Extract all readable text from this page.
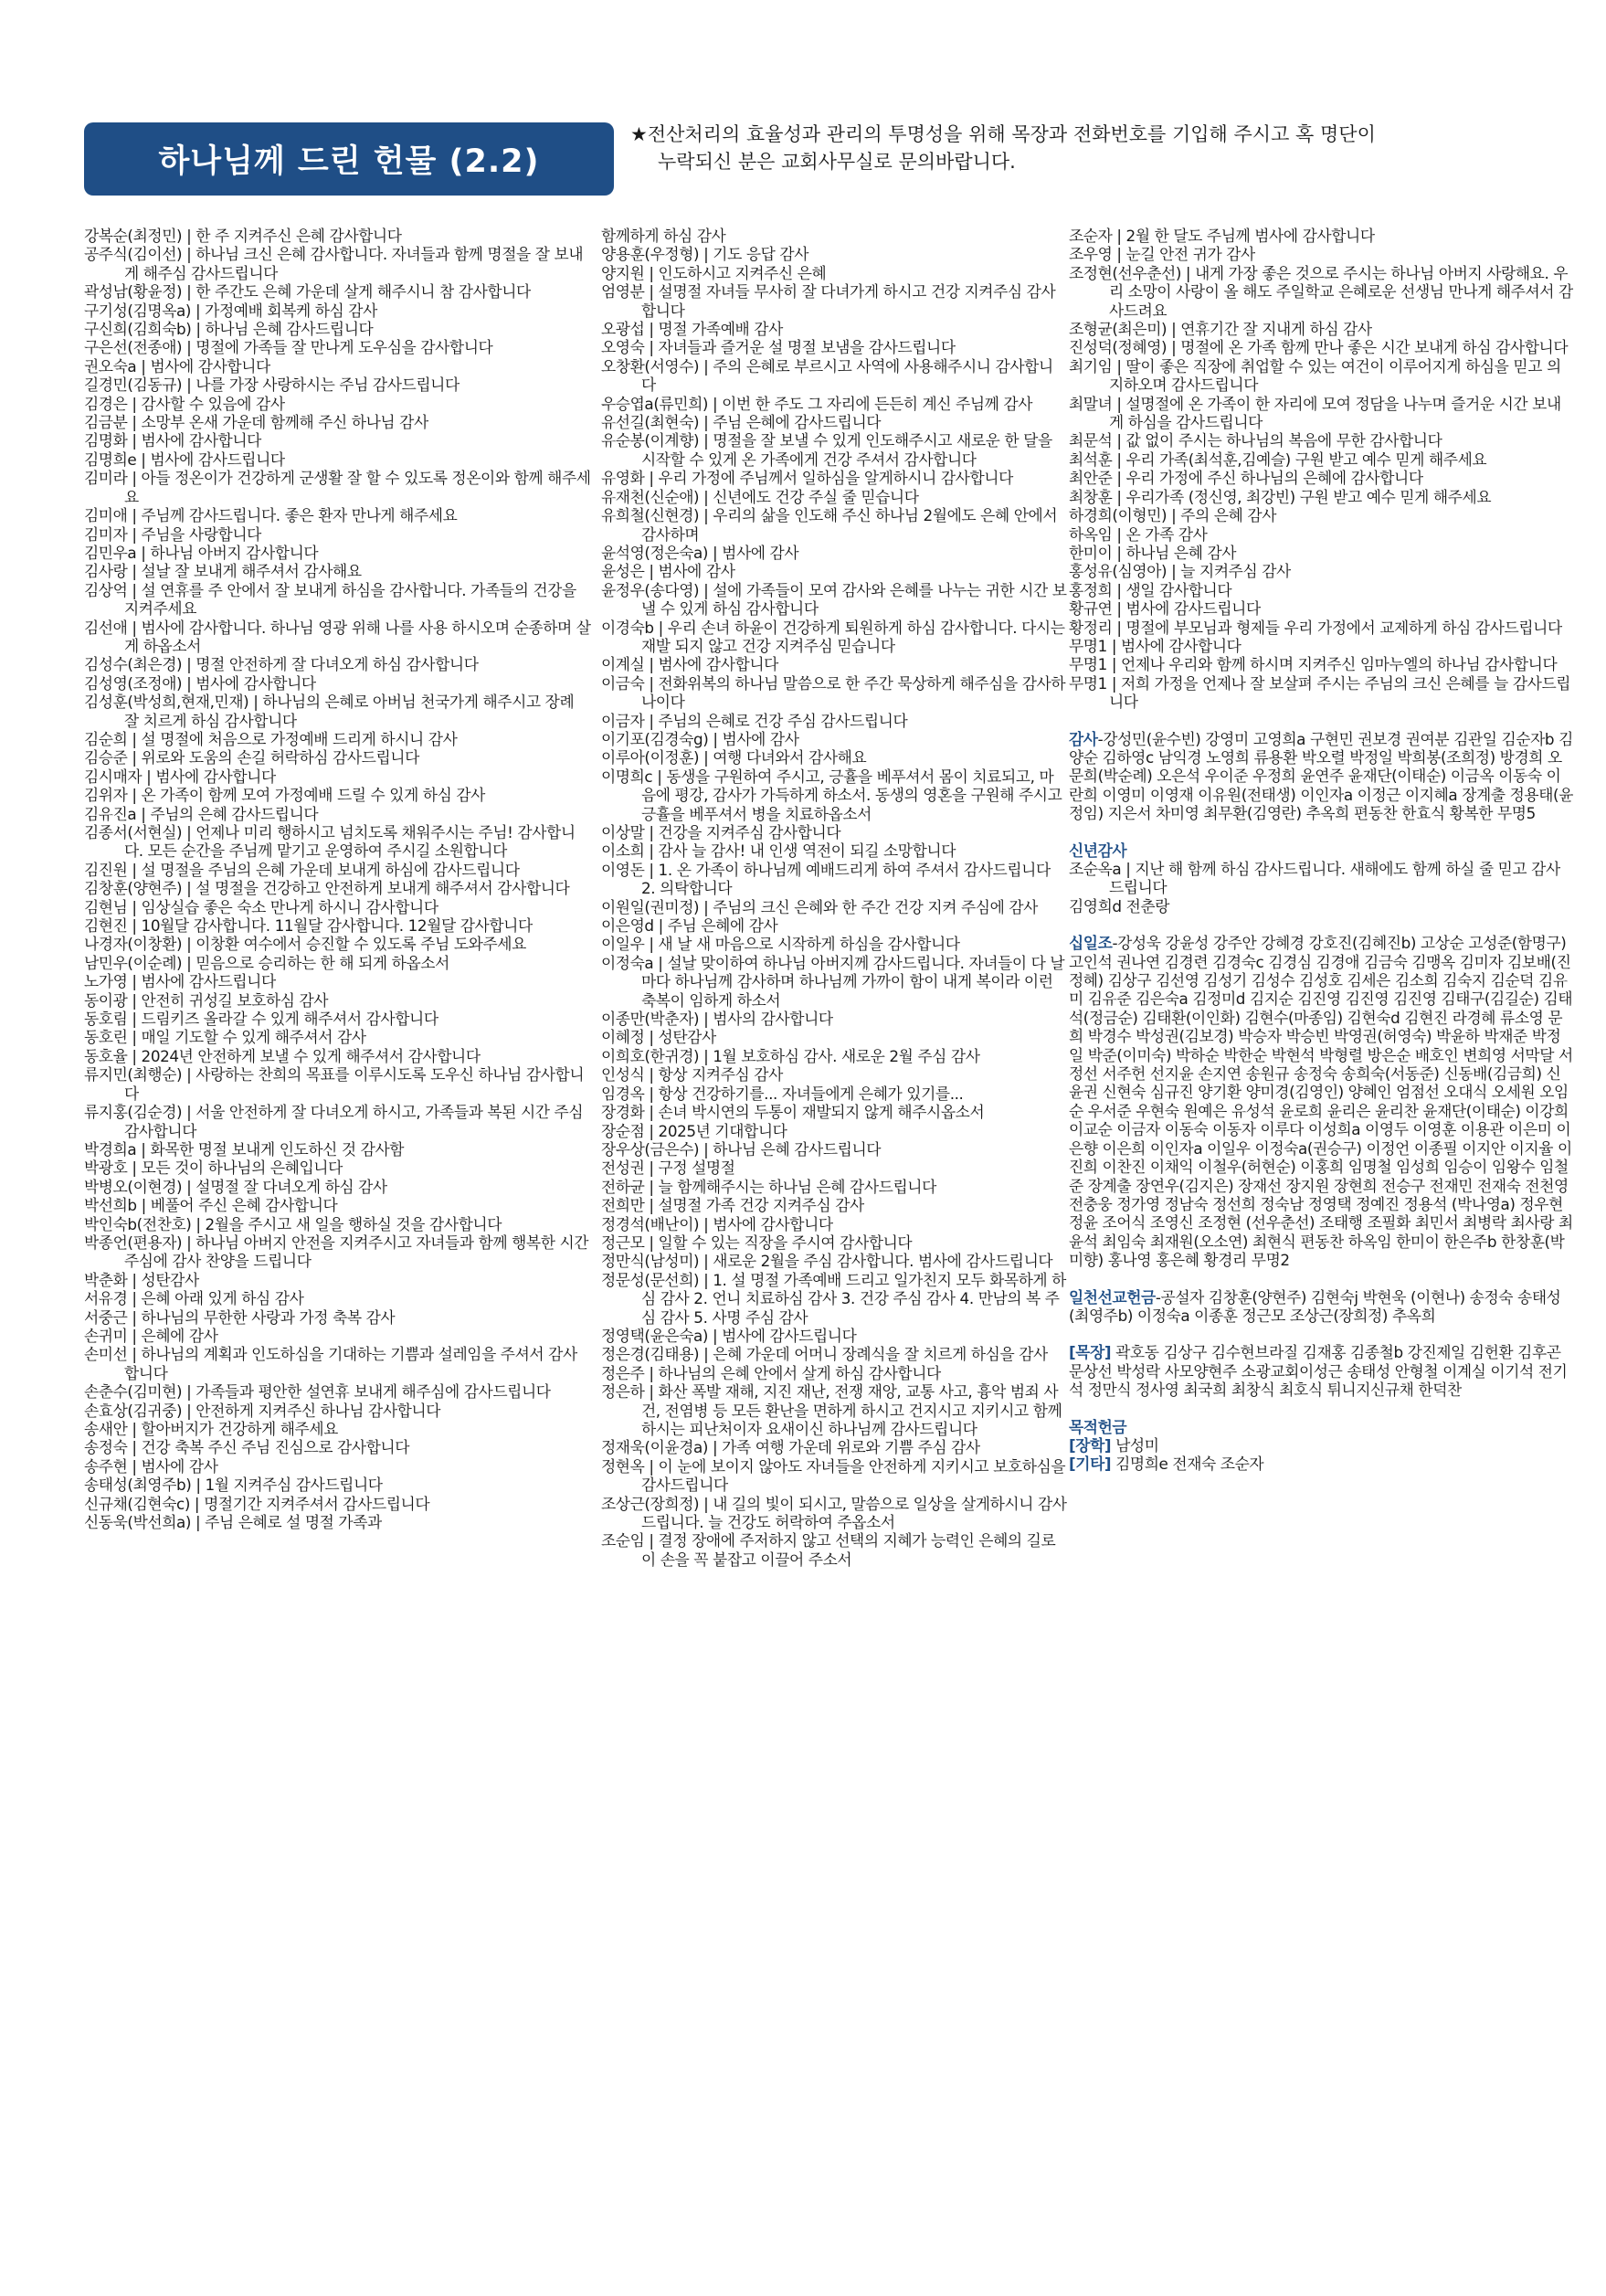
하나님께 드린 헌물 (2.2)
★전산처리의 효율성과 관리의 투명성을 위해 목장과 전화번호를 기입해 주시고 혹 명단이
누락되신 분은 교회사무실로 문의바랍니다.
강복순(최정민) | 한 주 지켜주신 은혜 감사합니다
공주식(김이선) | 하나님 크신 은혜 감사합니다. 자녀들과 함께 명절을 잘 보내게 해주심 감사드립니다
곽성남(황윤정) | 한 주간도 은혜 가운데 살게 해주시니 참 감사합니다
구기성(김명옥a) | 가정예배 회복케 하심 감사
구신희(김희숙b) | 하나님 은혜 감사드립니다
구은선(전종애) | 명절에 가족들 잘 만나게 도우심을 감사합니다
권오숙a | 범사에 감사합니다
길경민(김동규) | 나를 가장 사랑하시는 주님 감사드립니다
김경은 | 감사할 수 있음에 감사
김금분 | 소망부 온새 가운데 함께해 주신 하나님 감사
김명화 | 범사에 감사합니다
김명희e | 범사에 감사드립니다
김미라 | 아들 정온이가 건강하게 군생활 잘 할 수 있도록 정온이와 함께 해주세요
김미애 | 주님께 감사드립니다. 좋은 환자 만나게 해주세요
김미자 | 주님을 사랑합니다
김민우a | 하나님 아버지 감사합니다
김사랑 | 설날 잘 보내게 해주셔서 감사해요
김상억 | 설 연휴를 주 안에서 잘 보내게 하심을 감사합니다. 가족들의 건강을 지켜주세요
김선애 | 범사에 감사합니다. 하나님 영광 위해 나를 사용 하시오며 순종하며 살게 하옵소서
김성수(최은경) | 명절 안전하게 잘 다녀오게 하심 감사합니다
김성영(조정애) | 범사에 감사합니다
김성훈(박성희,현재,민재) | 하나님의 은혜로 아버님 천국가게 해주시고 장례 잘 치르게 하심 감사합니다
김순희 | 설 명절에 처음으로 가정예배 드리게 하시니 감사
김승준 | 위로와 도움의 손길 허락하심 감사드립니다
김시매자 | 범사에 감사합니다
김위자 | 온 가족이 함께 모여 가정예배 드릴 수 있게 하심 감사
김유진a | 주님의 은혜 감사드립니다
김종서(서현실) | 언제나 미리 행하시고 넘치도록 채워주시는 주님! 감사합니다. 모든 순간을 주님께 맡기고 운영하여 주시길 소원합니다
김진원 | 설 명절을 주님의 은혜 가운데 보내게 하심에 감사드립니다
김창훈(양현주) | 설 명절을 건강하고 안전하게 보내게 해주셔서 감사합니다
김현님 | 임상실습 좋은 숙소 만나게 하시니 감사합니다
김현진 | 10월달 감사합니다. 11월달 감사합니다. 12월달 감사합니다
나경자(이창환) | 이창환 여수에서 승진할 수 있도록 주님 도와주세요
남민우(이순례) | 믿음으로 승리하는 한 해 되게 하옵소서
노가영 | 범사에 감사드립니다
동이광 | 안전히 귀성길 보호하심 감사
동호림 | 드림키즈 올라갈 수 있게 해주셔서 감사합니다
동호린 | 매일 기도할 수 있게 해주셔서 감사
동호율 | 2024년 안전하게 보낼 수 있게 해주셔서 감사합니다
류지민(최행순) | 사랑하는 찬희의 목표를 이루시도록 도우신 하나님 감사합니다
류지홍(김순경) | 서울 안전하게 잘 다녀오게 하시고, 가족들과 복된 시간 주심 감사합니다
박경희a | 화목한 명절 보내게 인도하신 것 감사함
박광호 | 모든 것이 하나님의 은혜입니다
박병오(이현경) | 설명절 잘 다녀오게 하심 감사
박선희b | 베풀어 주신 은혜 감사합니다
박인숙b(전찬호) | 2월을 주시고 새 일을 행하실 것을 감사합니다
박종언(편용자) | 하나님 아버지 안전을 지켜주시고 자녀들과 함께 행복한 시간 주심에 감사 찬양을 드립니다
박춘화 | 성탄감사
서유경 | 은혜 아래 있게 하심 감사
서중근 | 하나님의 무한한 사랑과 가정 축복 감사
손귀미 | 은혜에 감사
손미선 | 하나님의 계획과 인도하심을 기대하는 기쁨과 설레임을 주셔서 감사합니다
손춘수(김미현) | 가족들과 평안한 설연휴 보내게 해주심에 감사드립니다
손효상(김귀중) | 안전하게 지켜주신 하나님 감사합니다
송새안 | 할아버지가 건강하게 해주세요
송정숙 | 건강 축복 주신 주님 진심으로 감사합니다
송주현 | 범사에 감사
송태성(최영주b) | 1월 지켜주심 감사드립니다
신규채(김현숙c) | 명절기간 지켜주셔서 감사드립니다
신동욱(박선희a) | 주님 은혜로 설 명절 가족과
함께하게 하심 감사
양용훈(우정형) | 기도 응답 감사
양지원 | 인도하시고 지켜주신 은혜
엄영분 | 설명절 자녀들 무사히 잘 다녀가게 하시고 건강 지켜주심 감사합니다
오광섭 | 명절 가족예배 감사
오영숙 | 자녀들과 즐거운 설 명절 보냄을 감사드립니다
오창환(서영수) | 주의 은혜로 부르시고 사역에 사용해주시니 감사합니다
우승엽a(류민희) | 이번 한 주도 그 자리에 든든히 계신 주님께 감사
유선길(최현숙) | 주님 은혜에 감사드립니다
유순봉(이계향) | 명절을 잘 보낼 수 있게 인도해주시고 새로운 한 달을 시작할 수 있게 온 가족에게 건강 주셔서 감사합니다
유영화 | 우리 가정에 주님께서 일하심을 알게하시니 감사합니다
유재천(신순애) | 신년에도 건강 주실 줄 믿습니다
유희철(신현경) | 우리의 삶을 인도해 주신 하나님 2월에도 은혜 안에서 감사하며
윤석영(정은숙a) | 범사에 감사
윤성은 | 범사에 감사
윤정우(송다영) | 설에 가족들이 모여 감사와 은혜를 나누는 귀한 시간 보낼 수 있게 하심 감사합니다
이경숙b | 우리 손녀 하윤이 건강하게 퇴원하게 하심 감사합니다. 다시는 재발 되지 않고 건강 지켜주심 믿습니다
이계실 | 범사에 감사합니다
이금숙 | 전화위복의 하나님 말씀으로 한 주간 묵상하게 해주심을 감사하나이다
이금자 | 주님의 은혜로 건강 주심 감사드립니다
이기포(김경숙g) | 범사에 감사
이루아(이정훈) | 여행 다녀와서 감사해요
이명희c | 동생을 구원하여 주시고, 긍휼을 베푸셔서 몸이 치료되고, 마음에 평강, 감사가 가득하게 하소서. 동생의 영혼을 구원해 주시고 긍휼을 베푸셔서 병을 치료하옵소서
이상말 | 건강을 지켜주심 감사합니다
이소희 | 감사 늘 감사! 내 인생 역전이 되길 소망합니다
이영돈 | 1. 온 가족이 하나님께 예배드리게 하여 주셔서 감사드립니다 2. 의탁합니다
이원일(권미정) | 주님의 크신 은혜와 한 주간 건강 지켜 주심에 감사
이은영d | 주님 은혜에 감사
이일우 | 새 날 새 마음으로 시작하게 하심을 감사합니다
이정숙a | 설날 맞이하여 하나님 아버지께 감사드립니다. 자녀들이 다 날마다 하나님께 감사하며 하나님께 가까이 함이 내게 복이라 이런 축복이 임하게 하소서
이종만(박춘자) | 범사의 감사합니다
이혜정 | 성탄감사
이희호(한귀경) | 1월 보호하심 감사. 새로운 2월 주심 감사
인성식 | 항상 지켜주심 감사
임경옥 | 항상 건강하기를... 자녀들에게 은혜가 있기를...
장경화 | 손녀 박시연의 두통이 재발되지 않게 해주시옵소서
장순점 | 2025년 기대합니다
장우상(금은수) | 하나님 은혜 감사드립니다
전성권 | 구정 설명절
전하균 | 늘 함께해주시는 하나님 은혜 감사드립니다
전희만 | 설명절 가족 건강 지켜주심 감사
정경석(배난이) | 범사에 감사합니다
정근모 | 일할 수 있는 직장을 주시여 감사합니다
정만식(남성미) | 새로운 2월을 주심 감사합니다. 범사에 감사드립니다
정문성(문선희) | 1. 설 명절 가족예배 드리고 일가친지 모두 화목하게 하심 감사 2. 언니 치료하심 감사 3. 건강 주심 감사 4. 만남의 복 주심 감사 5. 사명 주심 감사
정영택(윤은숙a) | 범사에 감사드립니다
정은경(김태용) | 은혜 가운데 어머니 장례식을 잘 치르게 하심을 감사
정은주 | 하나님의 은혜 안에서 살게 하심 감사합니다
정은하 | 화산 폭발 재해, 지진 재난, 전쟁 재앙, 교통 사고, 흉악 범죄 사건, 전염병 등 모든 환난을 면하게 하시고 건지시고 지키시고 함께 하시는 피난처이자 요새이신 하나님께 감사드립니다
정재욱(이윤경a) | 가족 여행 가운데 위로와 기쁨 주심 감사
정현옥 | 이 눈에 보이지 않아도 자녀들을 안전하게 지키시고 보호하심을 감사드립니다
조상근(장희정) | 내 길의 빛이 되시고, 말씀으로 일상을 살게하시니 감사드립니다. 늘 건강도 허락하여 주옵소서
조순임 | 결정 장애에 주저하지 않고 선택의 지혜가 능력인 은혜의 길로 이 손을 꼭 붙잡고 이끌어 주소서
조순자 | 2월 한 달도 주님께 범사에 감사합니다
조우영 | 눈길 안전 귀가 감사
조정현(선우춘선) | 내게 가장 좋은 것으로 주시는 하나님 아버지 사랑해요. 우리 소망이 사랑이 올 해도 주일학교 은혜로운 선생님 만나게 해주셔서 감사드려요
조형균(최은미) | 연휴기간 잘 지내게 하심 감사
진성덕(정혜영) | 명절에 온 가족 함께 만나 좋은 시간 보내게 하심 감사합니다
최기임 | 딸이 좋은 직장에 취업할 수 있는 여건이 이루어지게 하심을 믿고 의지하오며 감사드립니다
최말녀 | 설명절에 온 가족이 한 자리에 모여 정담을 나누며 즐거운 시간 보내게 하심을 감사드립니다
최문석 | 값 없이 주시는 하나님의 복음에 무한 감사합니다
최석훈 | 우리 가족(최석훈,김예슬) 구원 받고 예수 믿게 해주세요
최안준 | 우리 가정에 주신 하나님의 은혜에 감사합니다
최창훈 | 우리가족 (정신영, 최강빈) 구원 받고 예수 믿게 해주세요
하경희(이형민) | 주의 은혜 감사
하옥임 | 온 가족 감사
한미이 | 하나님 은혜 감사
홍성유(심영아) | 늘 지켜주심 감사
홍정희 | 생일 감사합니다
황규연 | 범사에 감사드립니다
황정리 | 명절에 부모님과 형제들 우리 가정에서 교제하게 하심 감사드립니다
무명1 | 범사에 감사합니다
무명1 | 언제나 우리와 함께 하시며 지켜주신 임마누엘의 하나님 감사합니다
무명1 | 저희 가정을 언제나 잘 보살펴 주시는 주님의 크신 은혜를 늘 감사드립니다
감사-강성민(윤수빈) 강영미 고영희a 구현민 권보경 권여분 김관일 김순자b 김양순 김하영c 남익경 노영희 류용환 박오렬 박정일 박희봉(조희정) 방경희 오문희(박순례) 오은석 우이준 우정희 윤연주 윤재단(이태순) 이금옥 이동숙 이란희 이영미 이영재 이유원(전태생) 이인자a 이정근 이지혜a 장계출 정용태(윤정임) 지은서 차미영 최무환(김영란) 추옥희 편동찬 한효식 황복한 무명5
신년감사
조순옥a | 지난 해 함께 하심 감사드립니다. 새해에도 함께 하실 줄 믿고 감사드립니다
김영희d 전춘랑
십일조-강성욱 강윤성 강주안 강혜경 강호진(김혜진b) 고상순 고성준(함명구) 고인석 권나연 김경련 김경숙c 김경심 김경애 김금숙 김맹옥 김미자 김보배(진정혜) 김상구 김선영 김성기 김성수 김성호 김세은 김소희 김숙지 김순덕 김유미 김유준 김은숙a 김정미d 김지순 김진영 김진영 김진영 김태구(김길순) 김태석(정금순) 김태환(이인화) 김현수(마종임) 김현숙d 김현진 라경혜 류소영 문희 박경수 박성권(김보경) 박승자 박승빈 박영권(허영숙) 박윤하 박재준 박정일 박준(이미숙) 박하순 박한순 박현석 박형렬 방은순 배호인 변희영 서막달 서정선 서주헌 선지윤 손지연 송원규 송정숙 송희숙(서동준) 신동배(김금희) 신윤권 신현숙 심규진 양기환 양미경(김영인) 양혜인 엄점선 오대식 오세원 오임순 우서준 우현숙 원예은 유성석 윤로희 윤리은 윤리찬 윤재단(이태순) 이강희 이교순 이금자 이동숙 이동자 이루다 이성희a 이영두 이영훈 이용관 이은미 이은향 이은희 이인자a 이일우 이정숙a(권승구) 이정언 이종필 이지안 이지율 이진희 이찬진 이채익 이철우(허현순) 이홍희 임명철 임성희 임승이 임왕수 임철준 장계출 장연우(김지은) 장재선 장지원 장현희 전승구 전재민 전재숙 전천영 전충웅 정가영 정남숙 정선희 정숙남 정영택 정예진 정용석 (박나영a) 정우현 정윤 조어식 조영신 조정현 (선우춘선) 조태행 조필화 최민서 최병락 최사랑 최윤석 최임숙 최재원(오소연) 최현식 편동찬 하옥임 한미이 한은주b 한창훈(박미향) 홍나영 홍은혜 황경리 무명2
일천선교헌금-공설자 김창훈(양현주) 김현숙j 박현욱 (이현나) 송정숙 송태성(최영주b) 이정숙a 이종훈 정근모 조상근(장희정) 추옥희
[목장] 곽호동 김상구 김수현브라질 김재홍 김종철b 강진제일 김헌환 김후곤 문상선 박성락 사모양현주 소광교회이성근 송태성 안형철 이계실 이기석 전기석 정만식 정사영 최국희 최창식 최호식 튀니지신규채 한덕찬
목적헌금
[장학] 남성미
[기타] 김명희e 전재숙 조순자
